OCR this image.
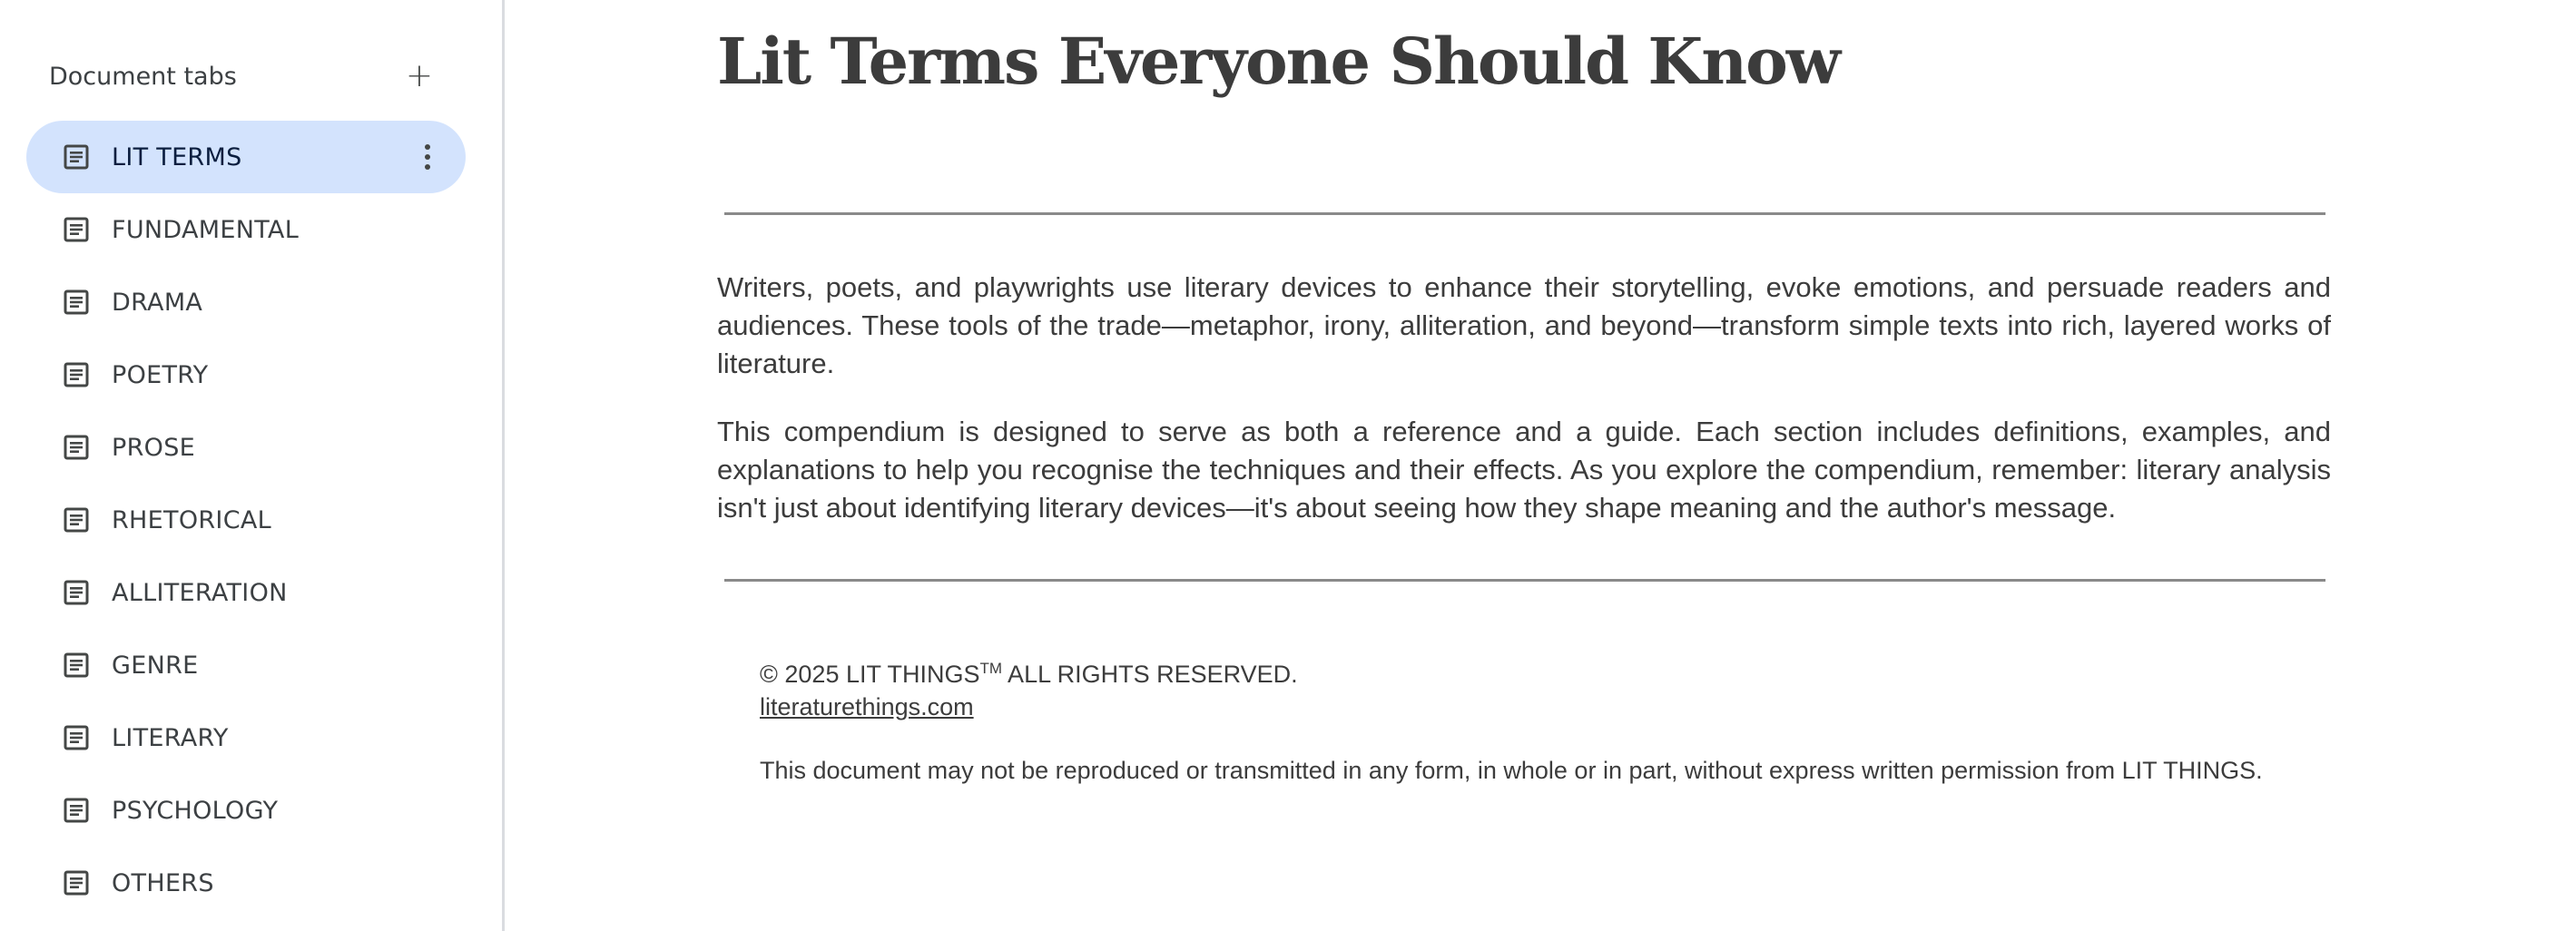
Document tabs	+
LIT TERMS
FUNDAMENTAL
DRAMA
POETRY
PROSE
RHETORICAL
ALLITERATION
GENRE
LITERARY
PSYCHOLOGY
OTHERS
Lit Terms Everyone Should Know

Writers, poets, and playwrights use literary devices to enhance their storytelling, evoke emotions, and persuade readers and audiences. These tools of the trade—metaphor, irony, alliteration, and beyond—transform simple texts into rich, layered works of literature.

This compendium is designed to serve as both a reference and a guide. Each section includes definitions, examples, and explanations to help you recognise the techniques and their effects. As you explore the compendium, remember: literary analysis isn't just about identifying literary devices—it's about seeing how they shape meaning and the author's message.

© 2025 LIT THINGS™ ALL RIGHTS RESERVED.
literaturethings.com
This document may not be reproduced or transmitted in any form, in whole or in part, without express written permission from LIT THINGS.
